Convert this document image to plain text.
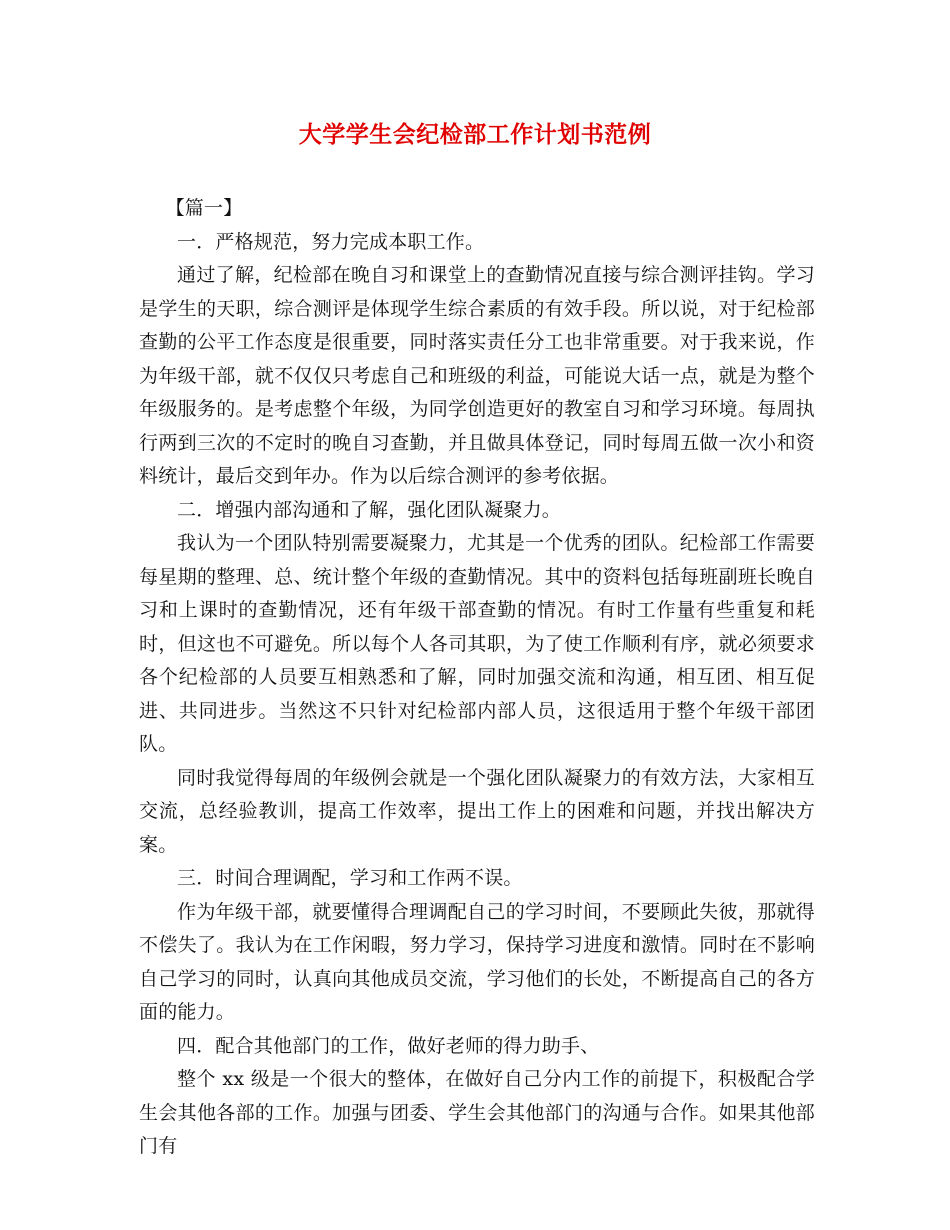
大学学生会纪检部工作计划书范例

【篇一】

一．严格规范，努力完成本职工作。

通过了解，纪检部在晚自习和课堂上的查勤情况直接与综合测评挂钩。学习是学生的天职，综合测评是体现学生综合素质的有效手段。所以说，对于纪检部查勤的公平工作态度是很重要，同时落实责任分工也非常重要。对于我来说，作为年级干部，就不仅仅只考虑自己和班级的利益，可能说大话一点，就是为整个年级服务的。是考虑整个年级，为同学创造更好的教室自习和学习环境。每周执行两到三次的不定时的晚自习查勤，并且做具体登记，同时每周五做一次小和资料统计，最后交到年办。作为以后综合测评的参考依据。

二．增强内部沟通和了解，强化团队凝聚力。

我认为一个团队特别需要凝聚力，尤其是一个优秀的团队。纪检部工作需要每星期的整理、总、统计整个年级的查勤情况。其中的资料包括每班副班长晚自习和上课时的查勤情况，还有年级干部查勤的情况。有时工作量有些重复和耗时，但这也不可避免。所以每个人各司其职，为了使工作顺利有序，就必须要求各个纪检部的人员要互相熟悉和了解，同时加强交流和沟通，相互团、相互促进、共同进步。当然这不只针对纪检部内部人员，这很适用于整个年级干部团队。

同时我觉得每周的年级例会就是一个强化团队凝聚力的有效方法，大家相互交流，总经验教训，提高工作效率，提出工作上的困难和问题，并找出解决方案。

三．时间合理调配，学习和工作两不误。

作为年级干部，就要懂得合理调配自己的学习时间，不要顾此失彼，那就得不偿失了。我认为在工作闲暇，努力学习，保持学习进度和激情。同时在不影响自己学习的同时，认真向其他成员交流，学习他们的长处，不断提高自己的各方面的能力。

四．配合其他部门的工作，做好老师的得力助手、

整个 xx 级是一个很大的整体，在做好自己分内工作的前提下，积极配合学生会其他各部的工作。加强与团委、学生会其他部门的沟通与合作。如果其他部门有
